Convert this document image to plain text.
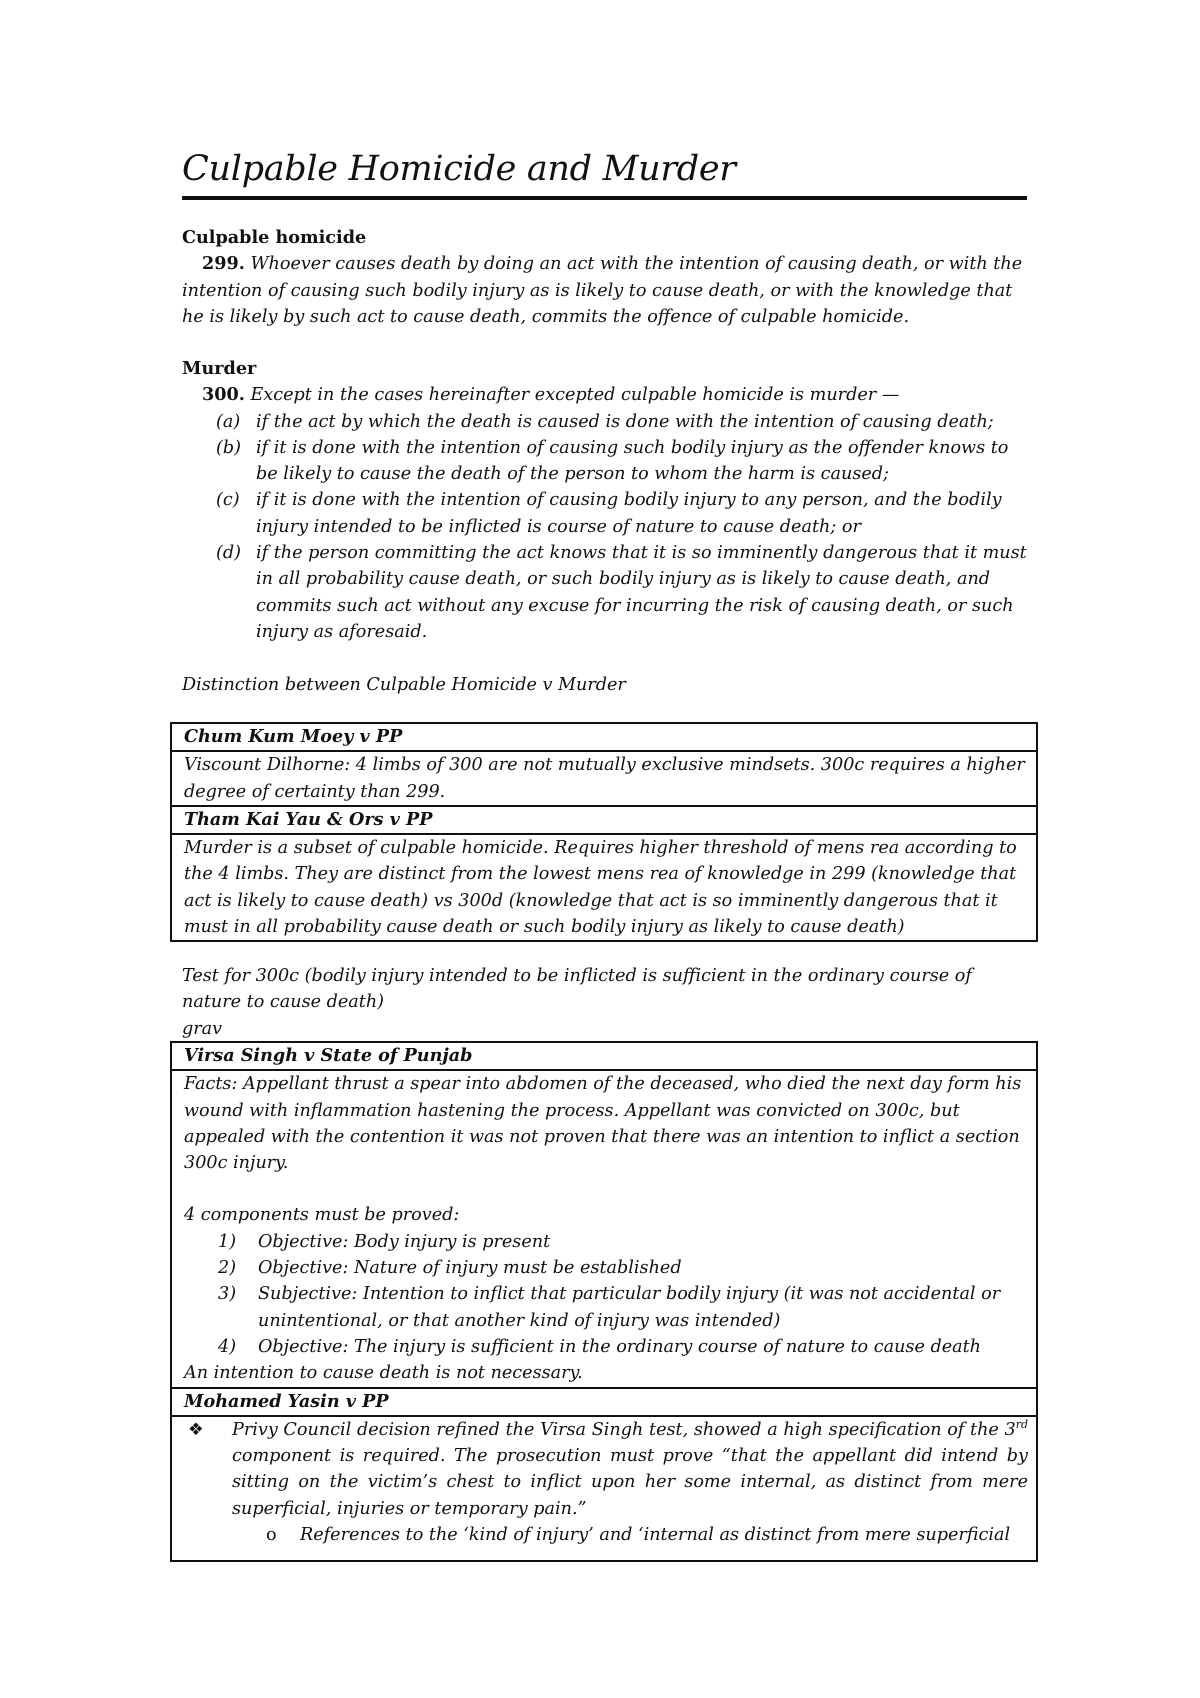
Culpable Homicide and Murder
Culpable homicide
299. Whoever causes death by doing an act with the intention of causing death, or with the intention of causing such bodily injury as is likely to cause death, or with the knowledge that he is likely by such act to cause death, commits the offence of culpable homicide.
Murder
300. Except in the cases hereinafter excepted culpable homicide is murder —
(a) if the act by which the death is caused is done with the intention of causing death;
(b) if it is done with the intention of causing such bodily injury as the offender knows to be likely to cause the death of the person to whom the harm is caused;
(c) if it is done with the intention of causing bodily injury to any person, and the bodily injury intended to be inflicted is course of nature to cause death; or
(d) if the person committing the act knows that it is so imminently dangerous that it must in all probability cause death, or such bodily injury as is likely to cause death, and commits such act without any excuse for incurring the risk of causing death, or such injury as aforesaid.
Distinction between Culpable Homicide v Murder
Chum Kum Moey v PP
Viscount Dilhorne: 4 limbs of 300 are not mutually exclusive mindsets. 300c requires a higher degree of certainty than 299.
Tham Kai Yau & Ors v PP
Murder is a subset of culpable homicide. Requires higher threshold of mens rea according to the 4 limbs. They are distinct from the lowest mens rea of knowledge in 299 (knowledge that act is likely to cause death) vs 300d (knowledge that act is so imminently dangerous that it must in all probability cause death or such bodily injury as likely to cause death)
Test for 300c (bodily injury intended to be inflicted is sufficient in the ordinary course of nature to cause death)
grav
Virsa Singh v State of Punjab

Facts: Appellant thrust a spear into abdomen of the deceased, who died the next day form his wound with inflammation hastening the process. Appellant was convicted on 300c, but appealed with the contention it was not proven that there was an intention to inflict a section 300c injury.
4 components must be proved:
1)	Objective: Body injury is present
2)	Objective: Nature of injury must be established
3)	Subjective: Intention to inflict that particular bodily injury (it was not accidental or unintentional, or that another kind of injury was intended)
4)	Objective: The injury is sufficient in the ordinary course of nature to cause death
An intention to cause death is not necessary.

Mohamed Yasin v PP

❖	Privy Council decision refined the Virsa Singh test, showed a high specification of the 3rd component is required. The prosecution must prove “that the appellant did intend by sitting on the victim’s chest to inflict upon her some internal, as distinct from mere superficial, injuries or temporary pain.”
o	References to the ‘kind of injury’ and ‘internal as distinct from mere superficial
